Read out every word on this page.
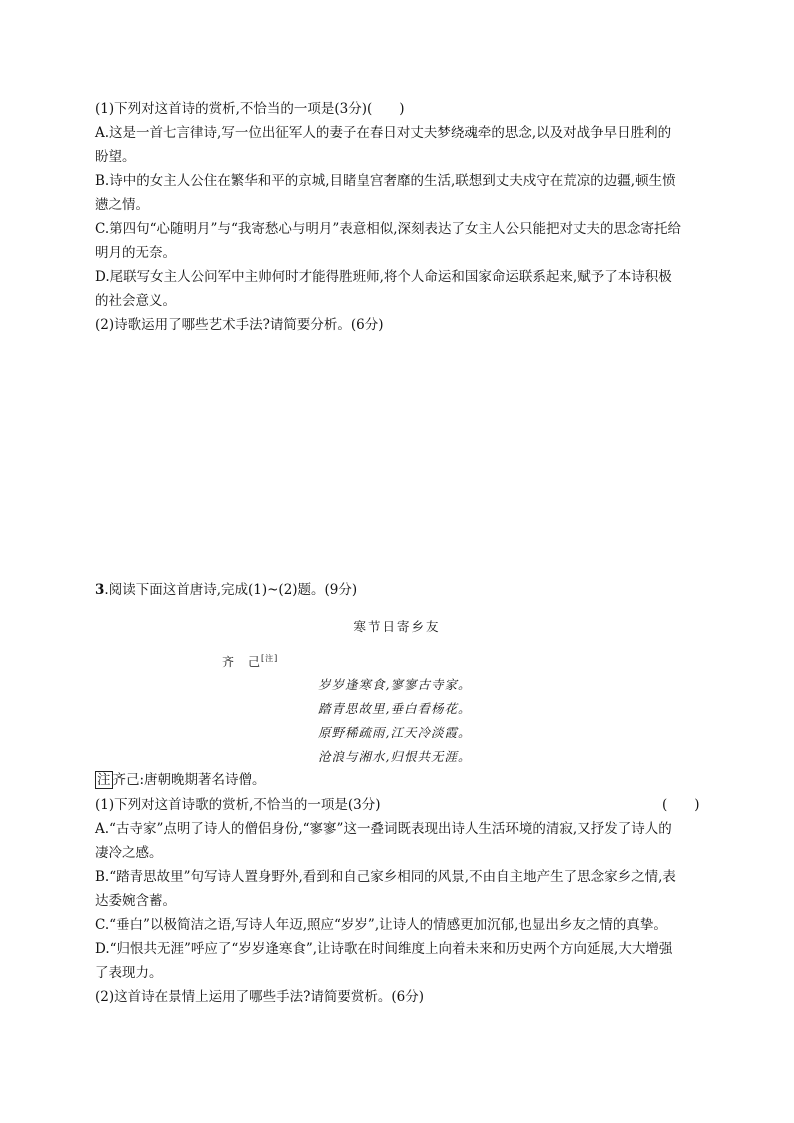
(1)下列对这首诗的赏析,不恰当的一项是(3分)(　　)
A.这是一首七言律诗,写一位出征军人的妻子在春日对丈夫梦绕魂牵的思念,以及对战争早日胜利的
盼望。
B.诗中的女主人公住在繁华和平的京城,目睹皇宫奢靡的生活,联想到丈夫戍守在荒凉的边疆,顿生愤
懑之情。
C.第四句“心随明月”与“我寄愁心与明月”表意相似,深刻表达了女主人公只能把对丈夫的思念寄托给
明月的无奈。
D.尾联写女主人公问军中主帅何时才能得胜班师,将个人命运和国家命运联系起来,赋予了本诗积极
的社会意义。
(2)诗歌运用了哪些艺术手法?请简要分析。(6分)
3.阅读下面这首唐诗,完成(1)~(2)题。(9分)
寒节日寄乡友
齐　己[注]
岁岁逢寒食,寥寥古寺家。
踏青思故里,垂白看杨花。
原野稀疏雨,江天冷淡霞。
沧浪与湘水,归恨共无涯。
注 齐己:唐朝晚期著名诗僧。
(1)下列对这首诗歌的赏析,不恰当的一项是(3分)	(　　)
A.“古寺家”点明了诗人的僧侣身份,“寥寥”这一叠词既表现出诗人生活环境的清寂,又抒发了诗人的
凄冷之感。
B.“踏青思故里”句写诗人置身野外,看到和自己家乡相同的风景,不由自主地产生了思念家乡之情,表
达委婉含蓄。
C.“垂白”以极简洁之语,写诗人年迈,照应“岁岁”,让诗人的情感更加沉郁,也显出乡友之情的真挚。
D.“归恨共无涯”呼应了“岁岁逢寒食”,让诗歌在时间维度上向着未来和历史两个方向延展,大大增强
了表现力。
(2)这首诗在景情上运用了哪些手法?请简要赏析。(6分)
